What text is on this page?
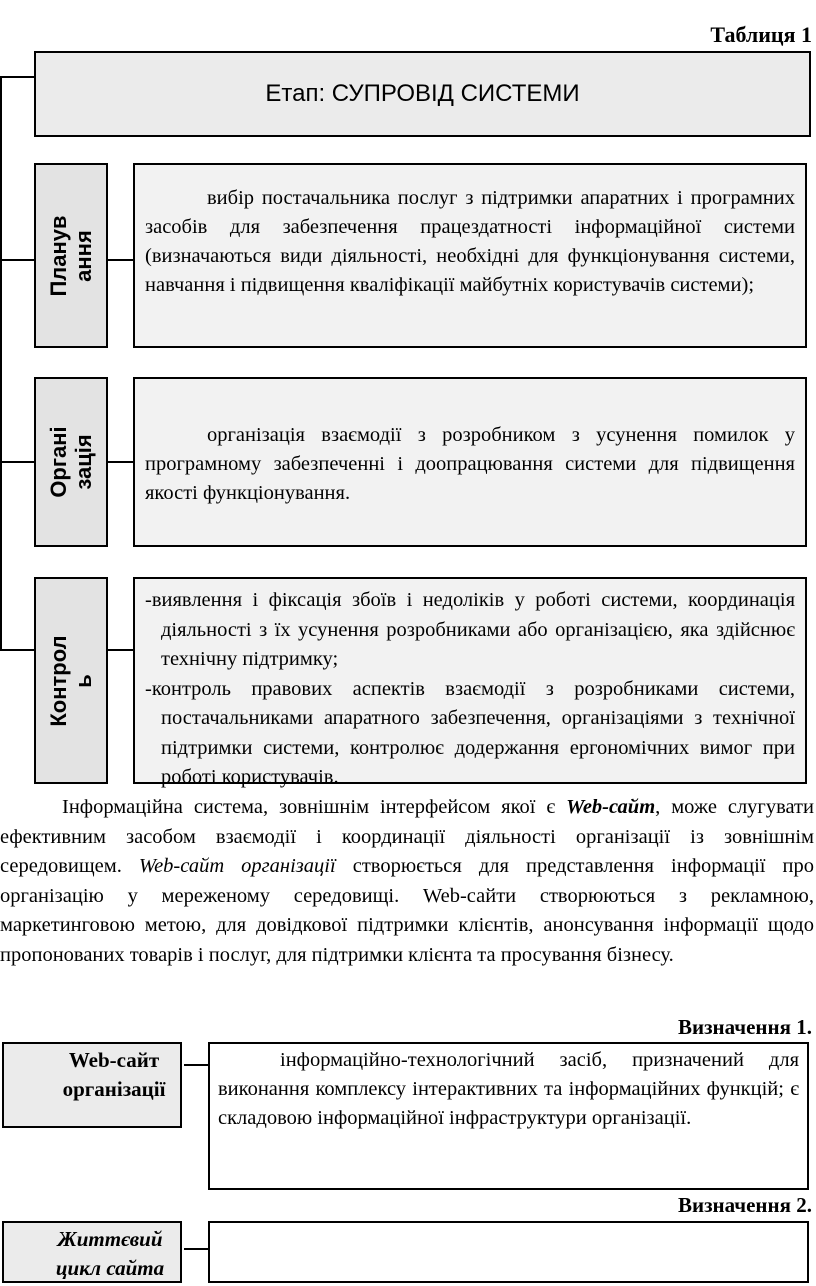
Таблиця 1
Етап: СУПРОВІД СИСТЕМИ
Планув
ання
вибір постачальника послуг з підтримки апаратних і програмних засобів для забезпечення працездатності інформаційної системи (визначаються види діяльності, необхідні для функціонування системи, навчання і підвищення кваліфікації майбутніх користувачів системи);
Органі
зація	організація взаємодії з розробником з усунення помилок у програмному забезпеченні і доопрацювання системи для підвищення якості функціонування.
Контрол
ь
-виявлення і фіксація збоїв і недоліків у роботі системи, координація діяльності з їх усунення розробниками або організацією, яка здійснює технічну підтримку;
-контроль правових аспектів взаємодії з розробниками системи, постачальниками апаратного забезпечення, організаціями з технічної підтримки системи, контролює додержання ергономічних вимог при роботі користувачів.
Інформаційна система, зовнішнім інтерфейсом якої є Web-сайт, може слугувати ефективним засобом взаємодії і координації діяльності організації із зовнішнім середовищем. Web-сайт організації створюється для представлення інформації про організацію у мереженому середовищі. Web-сайти створюються з рекламною, маркетинговою метою, для довідкової підтримки клієнтів, анонсування інформації щодо пропонованих товарів і послуг, для підтримки клієнта та просування бізнесу.
Визначення 1.
Web-сайт організації
інформаційно-технологічний засіб, призначений для виконання комплексу інтерактивних та інформаційних функцій; є складовою інформаційної інфраструктури організації.
Визначення 2.
Життєвий цикл сайта
